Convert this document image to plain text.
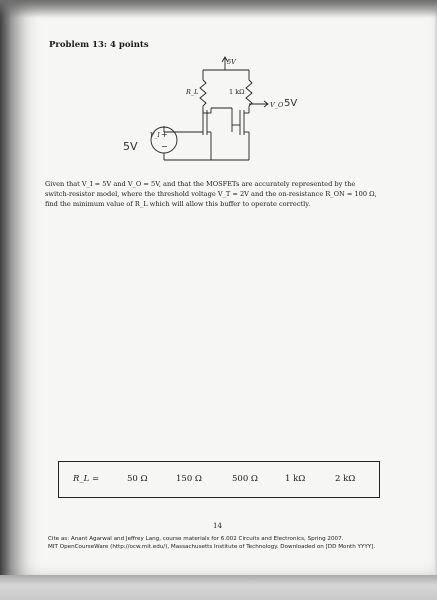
Problem 13: 4 points
5V
R_L	1 kΩ
V_O 5V
V_I
5V
+
−

Given that V_I = 5V and V_O = 5V, and that the MOSFETs are accurately represented by the

switch-resistor model, where the threshold voltage V_T = 2V and the on-resistance R_ON = 100 Ω,

find the minimum value of R_L which will allow this buffer to operate correctly.

R_L =	50 Ω	150 Ω	500 Ω	1 kΩ	2 kΩ
14
Cite as: Anant Agarwal and Jeffrey Lang, course materials for 6.002 Circuits and Electronics, Spring 2007.
MIT OpenCourseWare (http://ocw.mit.edu/), Massachusetts Institute of Technology. Downloaded on [DD Month YYYY].
